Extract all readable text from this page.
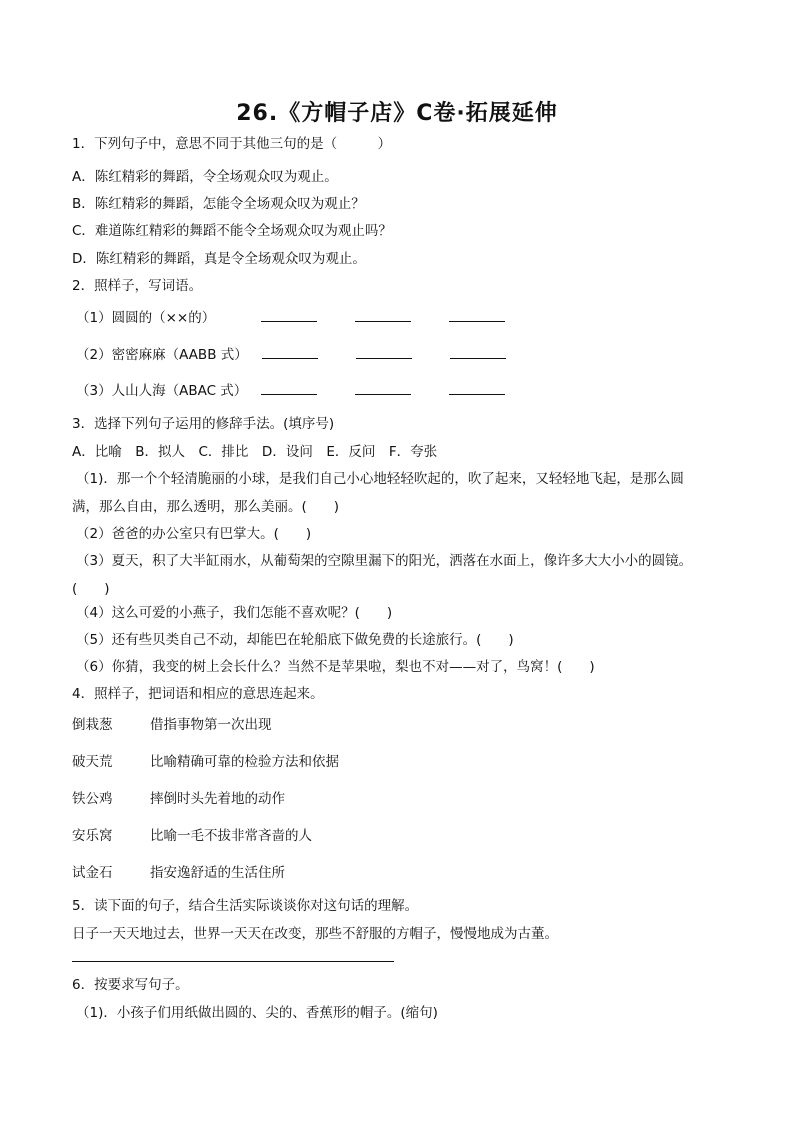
26.《方帽子店》C卷·拓展延伸
1．下列句子中，意思不同于其他三句的是（　　　）
A．陈红精彩的舞蹈，令全场观众叹为观止。
B．陈红精彩的舞蹈，怎能令全场观众叹为观止？
C．难道陈红精彩的舞蹈不能令全场观众叹为观止吗？
D．陈红精彩的舞蹈，真是令全场观众叹为观止。
2．照样子，写词语。
（1）圆圆的（××的）
（2）密密麻麻（AABB 式）
（3）人山人海（ABAC 式）
3．选择下列句子运用的修辞手法。(填序号)
A．比喻　B．拟人　C．排比　D．设问　E．反问　F．夸张
（1)．那一个个轻清脆丽的小球，是我们自己小心地轻轻吹起的，吹了起来，又轻轻地飞起，是那么圆
满，那么自由，那么透明，那么美丽。(　　)
（2）爸爸的办公室只有巴掌大。(　　)
（3）夏天，积了大半缸雨水，从葡萄架的空隙里漏下的阳光，洒落在水面上，像许多大大小小的圆镜。
(　　)
（4）这么可爱的小燕子，我们怎能不喜欢呢？(　　)
（5）还有些贝类自己不动，却能巴在轮船底下做免费的长途旅行。(　　)
（6）你猜，我变的树上会长什么？当然不是苹果啦，梨也不对——对了，鸟窝！(　　)
4．照样子，把词语和相应的意思连起来。
倒栽葱	借指事物第一次出现
破天荒	比喻精确可靠的检验方法和依据
铁公鸡	摔倒时头先着地的动作
安乐窝	比喻一毛不拔非常吝啬的人
试金石	指安逸舒适的生活住所
5．读下面的句子，结合生活实际谈谈你对这句话的理解。
日子一天天地过去，世界一天天在改变，那些不舒服的方帽子，慢慢地成为古董。
6．按要求写句子。
（1)．小孩子们用纸做出圆的、尖的、香蕉形的帽子。(缩句)
